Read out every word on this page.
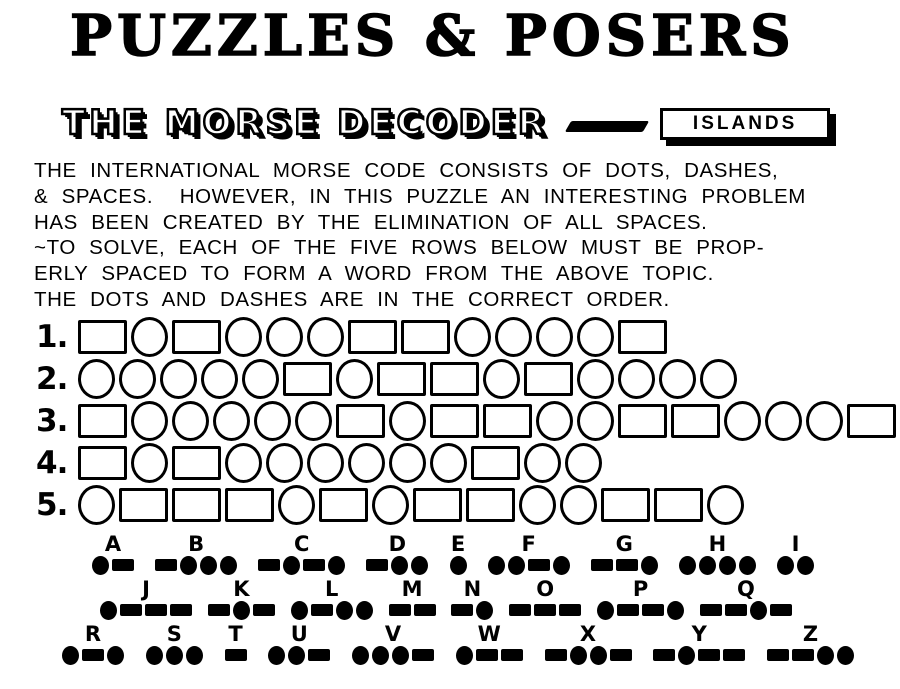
PUZZLES & POSERS
THE MORSE DECODER	ISLANDS

THE INTERNATIONAL MORSE CODE CONSISTS OF DOTS, DASHES,

& SPACES.  HOWEVER, IN THIS PUZZLE AN INTERESTING PROBLEM

HAS BEEN CREATED BY THE ELIMINATION OF ALL SPACES.

~TO SOLVE, EACH OF THE FIVE ROWS BELOW MUST BE PROP-

ERLY SPACED TO FORM A WORD FROM THE ABOVE TOPIC.

THE DOTS AND DASHES ARE IN THE CORRECT ORDER.

1.
2.
3.
4.
5.
A	B	C	D E	F	G	H	I
J	K	L	M N	O	P	Q
R	S T U	V	W	X	Y	Z
